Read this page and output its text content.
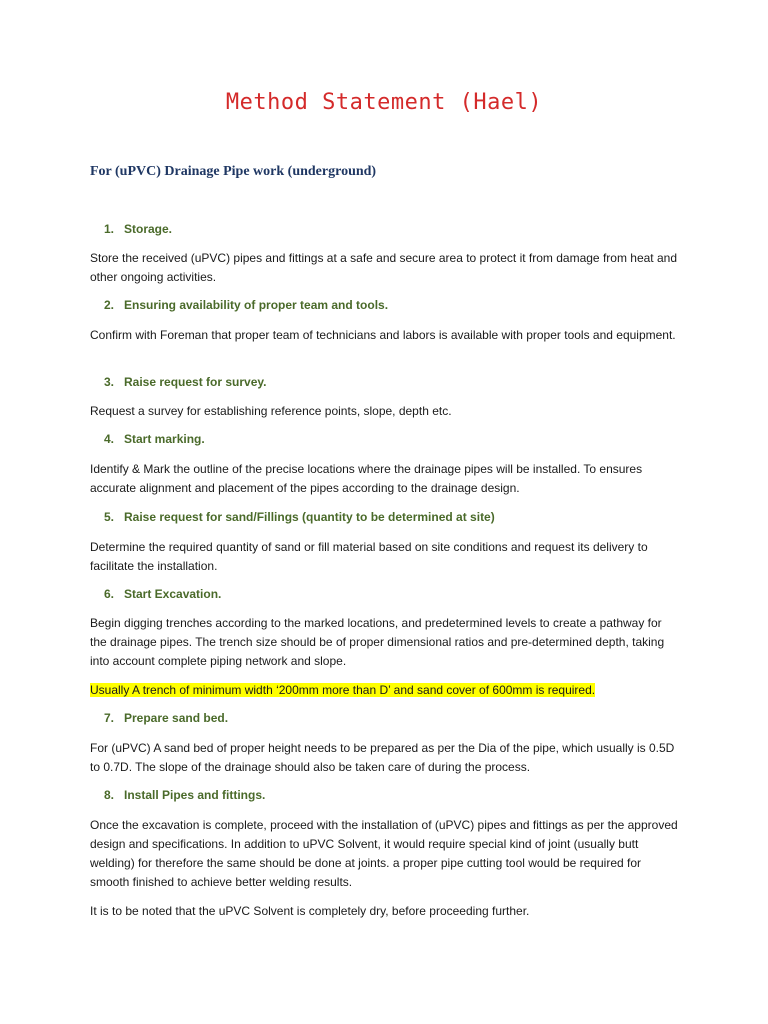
Method Statement (Hael)
For (uPVC) Drainage Pipe work (underground)
1. Storage.
Store the received (uPVC) pipes and fittings at a safe and secure area to protect it from damage from heat and other ongoing activities.
2. Ensuring availability of proper team and tools.
Confirm with Foreman that proper team of technicians and labors is available with proper tools and equipment.
3. Raise request for survey.
Request a survey for establishing reference points, slope, depth etc.
4. Start marking.
Identify & Mark the outline of the precise locations where the drainage pipes will be installed. To ensures accurate alignment and placement of the pipes according to the drainage design.
5. Raise request for sand/Fillings (quantity to be determined at site)
Determine the required quantity of sand or fill material based on site conditions and request its delivery to facilitate the installation.
6. Start Excavation.
Begin digging trenches according to the marked locations, and predetermined levels to create a pathway for the drainage pipes. The trench size should be of proper dimensional ratios and pre-determined depth, taking into account complete piping network and slope.
Usually A trench of minimum width ‘200mm more than D’ and sand cover of 600mm is required.
7. Prepare sand bed.
For (uPVC) A sand bed of proper height needs to be prepared as per the Dia of the pipe, which usually is 0.5D to 0.7D. The slope of the drainage should also be taken care of during the process.
8. Install Pipes and fittings.
Once the excavation is complete, proceed with the installation of (uPVC) pipes and fittings as per the approved design and specifications. In addition to uPVC Solvent, it would require special kind of joint (usually butt welding) for therefore the same should be done at joints. a proper pipe cutting tool would be required for smooth finished to achieve better welding results.
It is to be noted that the uPVC Solvent is completely dry, before proceeding further.
